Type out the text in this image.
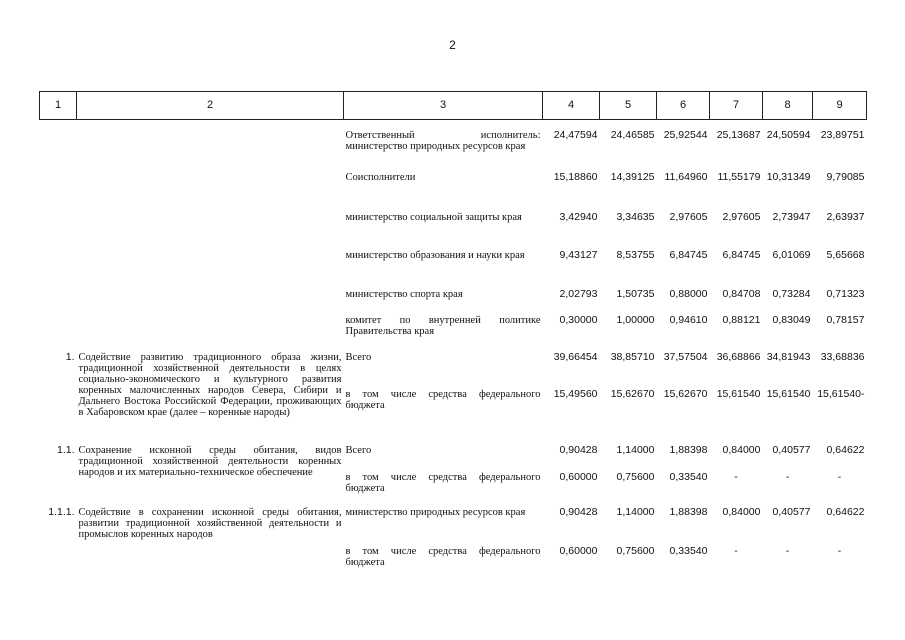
2
1	2	3	4	5	6	7	8	9
		Ответственный исполнитель: министерство природных ресурсов края	24,47594	24,46585	25,92544	25,13687	24,50594	23,89751
		Соисполнители	15,18860	14,39125	11,64960	11,55179	10,31349	9,79085
		министерство социальной защиты края	3,42940	3,34635	2,97605	2,97605	2,73947	2,63937
		министерство образования и науки края	9,43127	8,53755	6,84745	6,84745	6,01069	5,65668
		министерство спорта края	2,02793	1,50735	0,88000	0,84708	0,73284	0,71323
		комитет по внутренней политике Правительства края	0,30000	1,00000	0,94610	0,88121	0,83049	0,78157
1.	Содействие развитию традиционного образа жизни, традиционной хозяйственной деятельности в целях социально-экономического и культурного развития коренных малочисленных народов Севера, Сибири и Дальнего Востока Российской Федерации, проживающих в Хабаровском крае (далее – коренные народы)	Всего	39,66454	38,85710	37,57504	36,68866	34,81943	33,68836
		в том числе средства федерального бюджета	15,49560	15,62670	15,62670	15,61540	15,61540	15,61540-
1.1.	Сохранение исконной среды обитания, видов традиционной хозяйственной деятельности коренных народов и их материально-техническое обеспечение	Всего	0,90428	1,14000	1,88398	0,84000	0,40577	0,64622
		в том числе средства федерального бюджета	0,60000	0,75600	0,33540	-	-	-
1.1.1.	Содействие в сохранении исконной среды обитания, развитии традиционной хозяйственной деятельности и промыслов коренных народов	министерство природных ресурсов края	0,90428	1,14000	1,88398	0,84000	0,40577	0,64622
		в том числе средства федерального бюджета	0,60000	0,75600	0,33540	-	-	-
